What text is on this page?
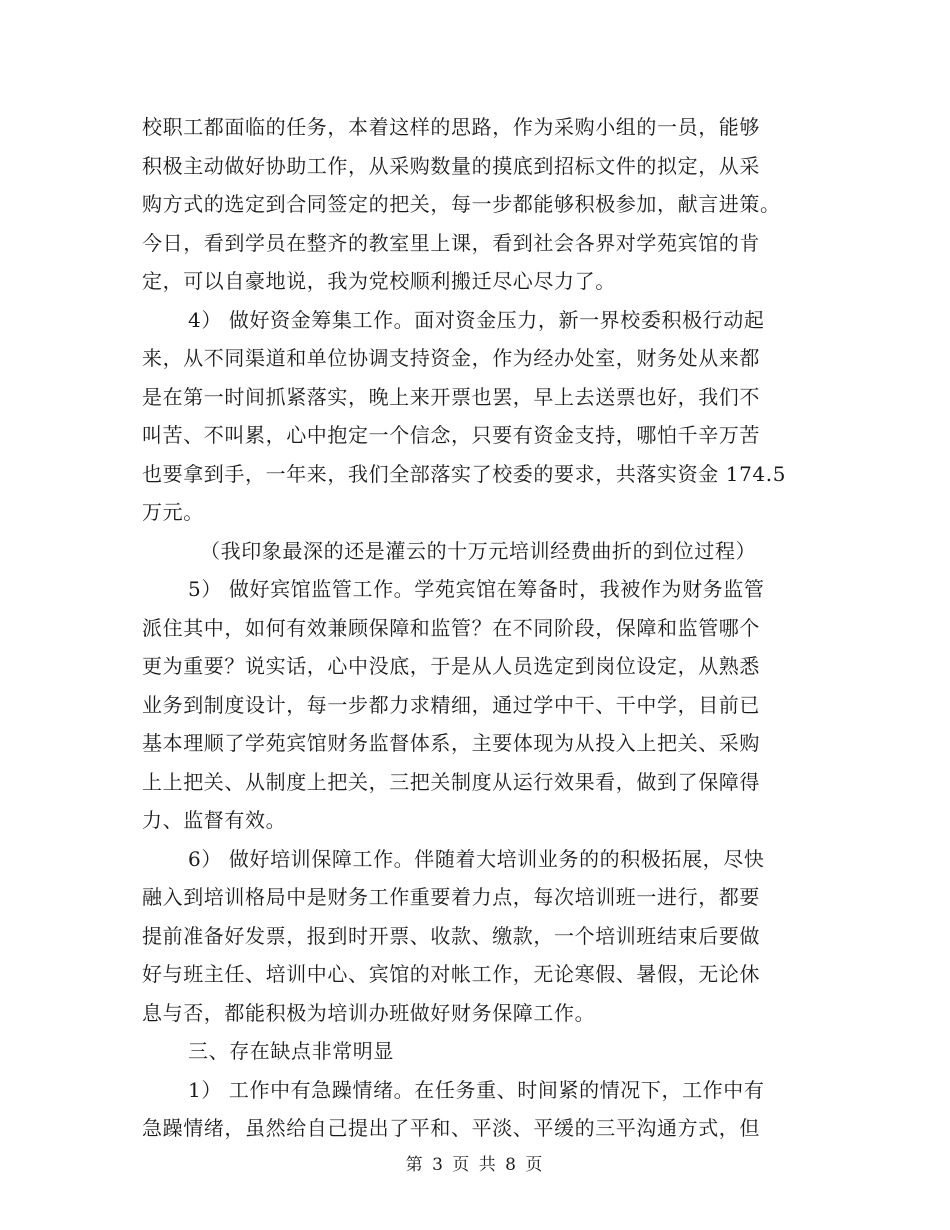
校职工都面临的任务，本着这样的思路，作为采购小组的一员，能够
积极主动做好协助工作，从采购数量的摸底到招标文件的拟定，从采
购方式的选定到合同签定的把关，每一步都能够积极参加，献言进策。
今日，看到学员在整齐的教室里上课，看到社会各界对学苑宾馆的肯
定，可以自豪地说，我为党校顺利搬迁尽心尽力了。

4） 做好资金筹集工作。面对资金压力，新一界校委积极行动起
来，从不同渠道和单位协调支持资金，作为经办处室，财务处从来都
是在第一时间抓紧落实，晚上来开票也罢，早上去送票也好，我们不
叫苦、不叫累，心中抱定一个信念，只要有资金支持，哪怕千辛万苦
也要拿到手，一年来，我们全部落实了校委的要求，共落实资金 174.5
万元。

（我印象最深的还是灌云的十万元培训经费曲折的到位过程）

5） 做好宾馆监管工作。学苑宾馆在筹备时，我被作为财务监管
派住其中，如何有效兼顾保障和监管？在不同阶段，保障和监管哪个
更为重要？说实话，心中没底，于是从人员选定到岗位设定，从熟悉
业务到制度设计，每一步都力求精细，通过学中干、干中学，目前已
基本理顺了学苑宾馆财务监督体系，主要体现为从投入上把关、采购
上上把关、从制度上把关，三把关制度从运行效果看，做到了保障得
力、监督有效。

6） 做好培训保障工作。伴随着大培训业务的的积极拓展，尽快
融入到培训格局中是财务工作重要着力点，每次培训班一进行，都要
提前准备好发票，报到时开票、收款、缴款，一个培训班结束后要做
好与班主任、培训中心、宾馆的对帐工作，无论寒假、暑假，无论休
息与否，都能积极为培训办班做好财务保障工作。

三、存在缺点非常明显

1） 工作中有急躁情绪。在任务重、时间紧的情况下，工作中有
急躁情绪，虽然给自己提出了平和、平淡、平缓的三平沟通方式，但

第 3 页 共 8 页
